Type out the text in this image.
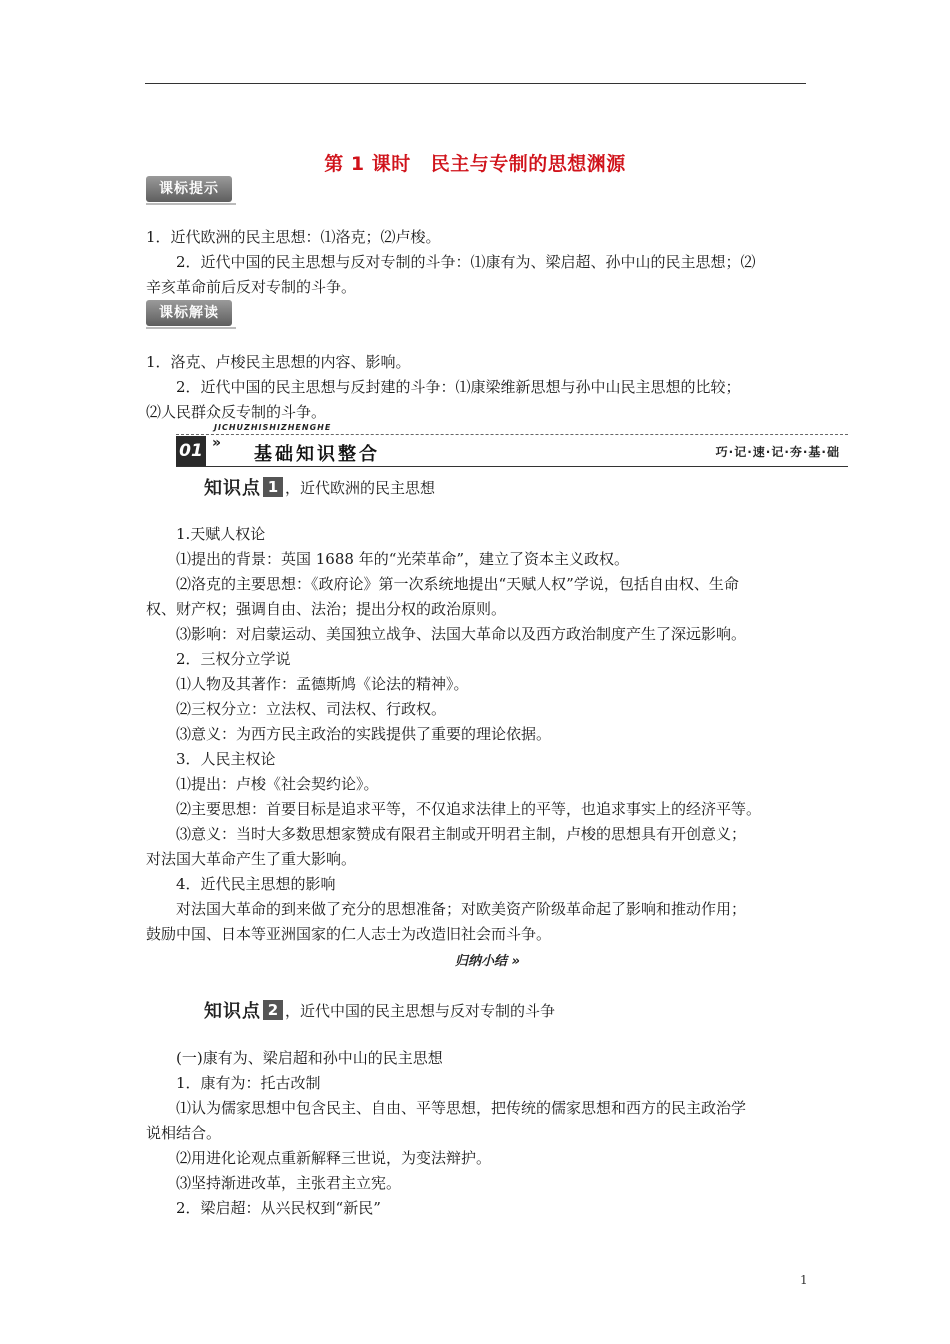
第 1 课时 民主与专制的思想渊源
课标提示
1．近代欧洲的民主思想：⑴洛克；⑵卢梭。
2．近代中国的民主思想与反对专制的斗争：⑴康有为、梁启超、孙中山的民主思想；⑵
辛亥革命前后反对专制的斗争。
课标解读
1．洛克、卢梭民主思想的内容、影响。
2．近代中国的民主思想与反封建的斗争：⑴康梁维新思想与孙中山民主思想的比较；
⑵人民群众反专制的斗争。
JICHUZHISHIZHENGHE
01 »
基础知识整合	巧·记·速·记·夯·基·础
知识点 1 ，近代欧洲的民主思想
1.天赋人权论
⑴提出的背景：英国 1688 年的“光荣革命”，建立了资本主义政权。
⑵洛克的主要思想：《政府论》第一次系统地提出“天赋人权”学说，包括自由权、生命
权、财产权；强调自由、法治；提出分权的政治原则。
⑶影响：对启蒙运动、美国独立战争、法国大革命以及西方政治制度产生了深远影响。
2．三权分立学说
⑴人物及其著作：孟德斯鸠《论法的精神》。
⑵三权分立：立法权、司法权、行政权。
⑶意义：为西方民主政治的实践提供了重要的理论依据。
3．人民主权论
⑴提出：卢梭《社会契约论》。
⑵主要思想：首要目标是追求平等，不仅追求法律上的平等，也追求事实上的经济平等。
⑶意义：当时大多数思想家赞成有限君主制或开明君主制，卢梭的思想具有开创意义；
对法国大革命产生了重大影响。
4．近代民主思想的影响
对法国大革命的到来做了充分的思想准备；对欧美资产阶级革命起了影响和推动作用；
鼓励中国、日本等亚洲国家的仁人志士为改造旧社会而斗争。
归纳小结 »
知识点 2 ，近代中国的民主思想与反对专制的斗争
(一)康有为、梁启超和孙中山的民主思想
1．康有为：托古改制
⑴认为儒家思想中包含民主、自由、平等思想，把传统的儒家思想和西方的民主政治学
说相结合。
⑵用进化论观点重新解释三世说，为变法辩护。
⑶坚持渐进改革，主张君主立宪。
2．梁启超：从兴民权到“新民”
1
